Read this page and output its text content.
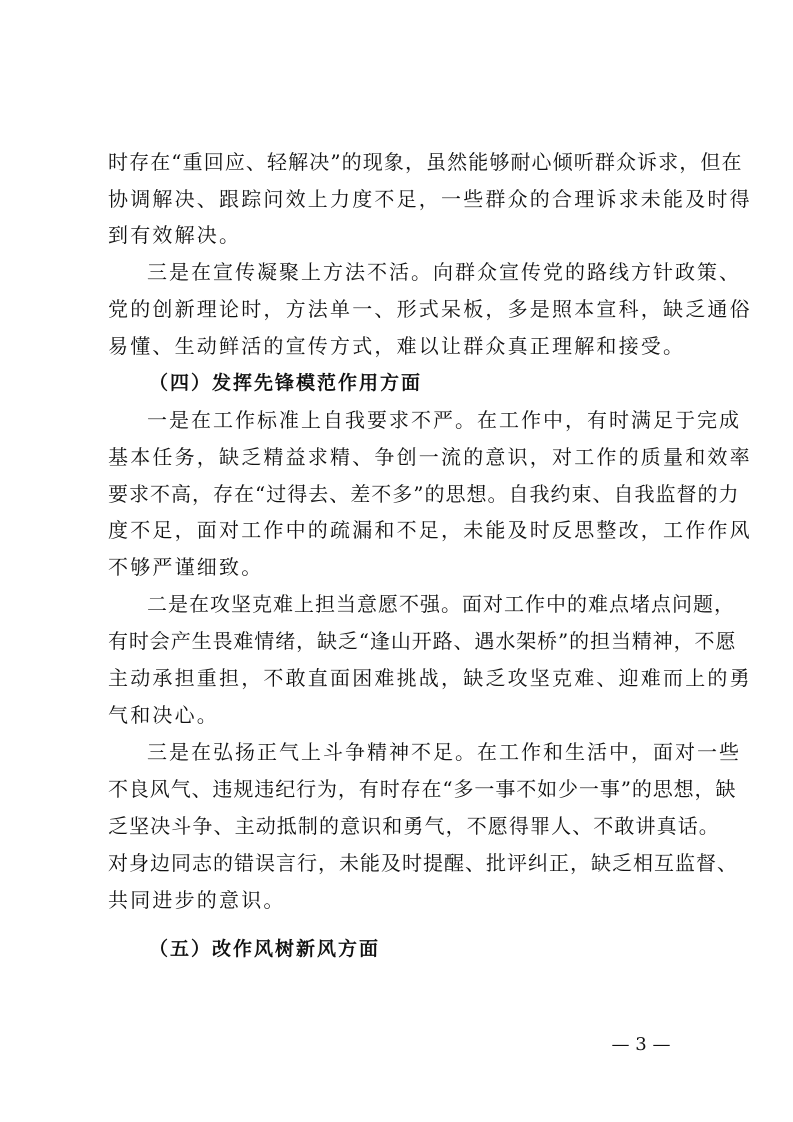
时存在“重回应、轻解决”的现象，虽然能够耐心倾听群众诉求，但在
协调解决、跟踪问效上力度不足，一些群众的合理诉求未能及时得
到有效解决。
三是在宣传凝聚上方法不活。向群众宣传党的路线方针政策、
党的创新理论时，方法单一、形式呆板，多是照本宣科，缺乏通俗
易懂、生动鲜活的宣传方式，难以让群众真正理解和接受。
（四）发挥先锋模范作用方面
一是在工作标准上自我要求不严。在工作中，有时满足于完成
基本任务，缺乏精益求精、争创一流的意识，对工作的质量和效率
要求不高，存在“过得去、差不多”的思想。自我约束、自我监督的力
度不足，面对工作中的疏漏和不足，未能及时反思整改，工作作风
不够严谨细致。
二是在攻坚克难上担当意愿不强。面对工作中的难点堵点问题，
有时会产生畏难情绪，缺乏“逢山开路、遇水架桥”的担当精神，不愿
主动承担重担，不敢直面困难挑战，缺乏攻坚克难、迎难而上的勇
气和决心。
三是在弘扬正气上斗争精神不足。在工作和生活中，面对一些
不良风气、违规违纪行为，有时存在“多一事不如少一事”的思想，缺
乏坚决斗争、主动抵制的意识和勇气，不愿得罪人、不敢讲真话。
对身边同志的错误言行，未能及时提醒、批评纠正，缺乏相互监督、
共同进步的意识。
（五）改作风树新风方面
— 3 —
